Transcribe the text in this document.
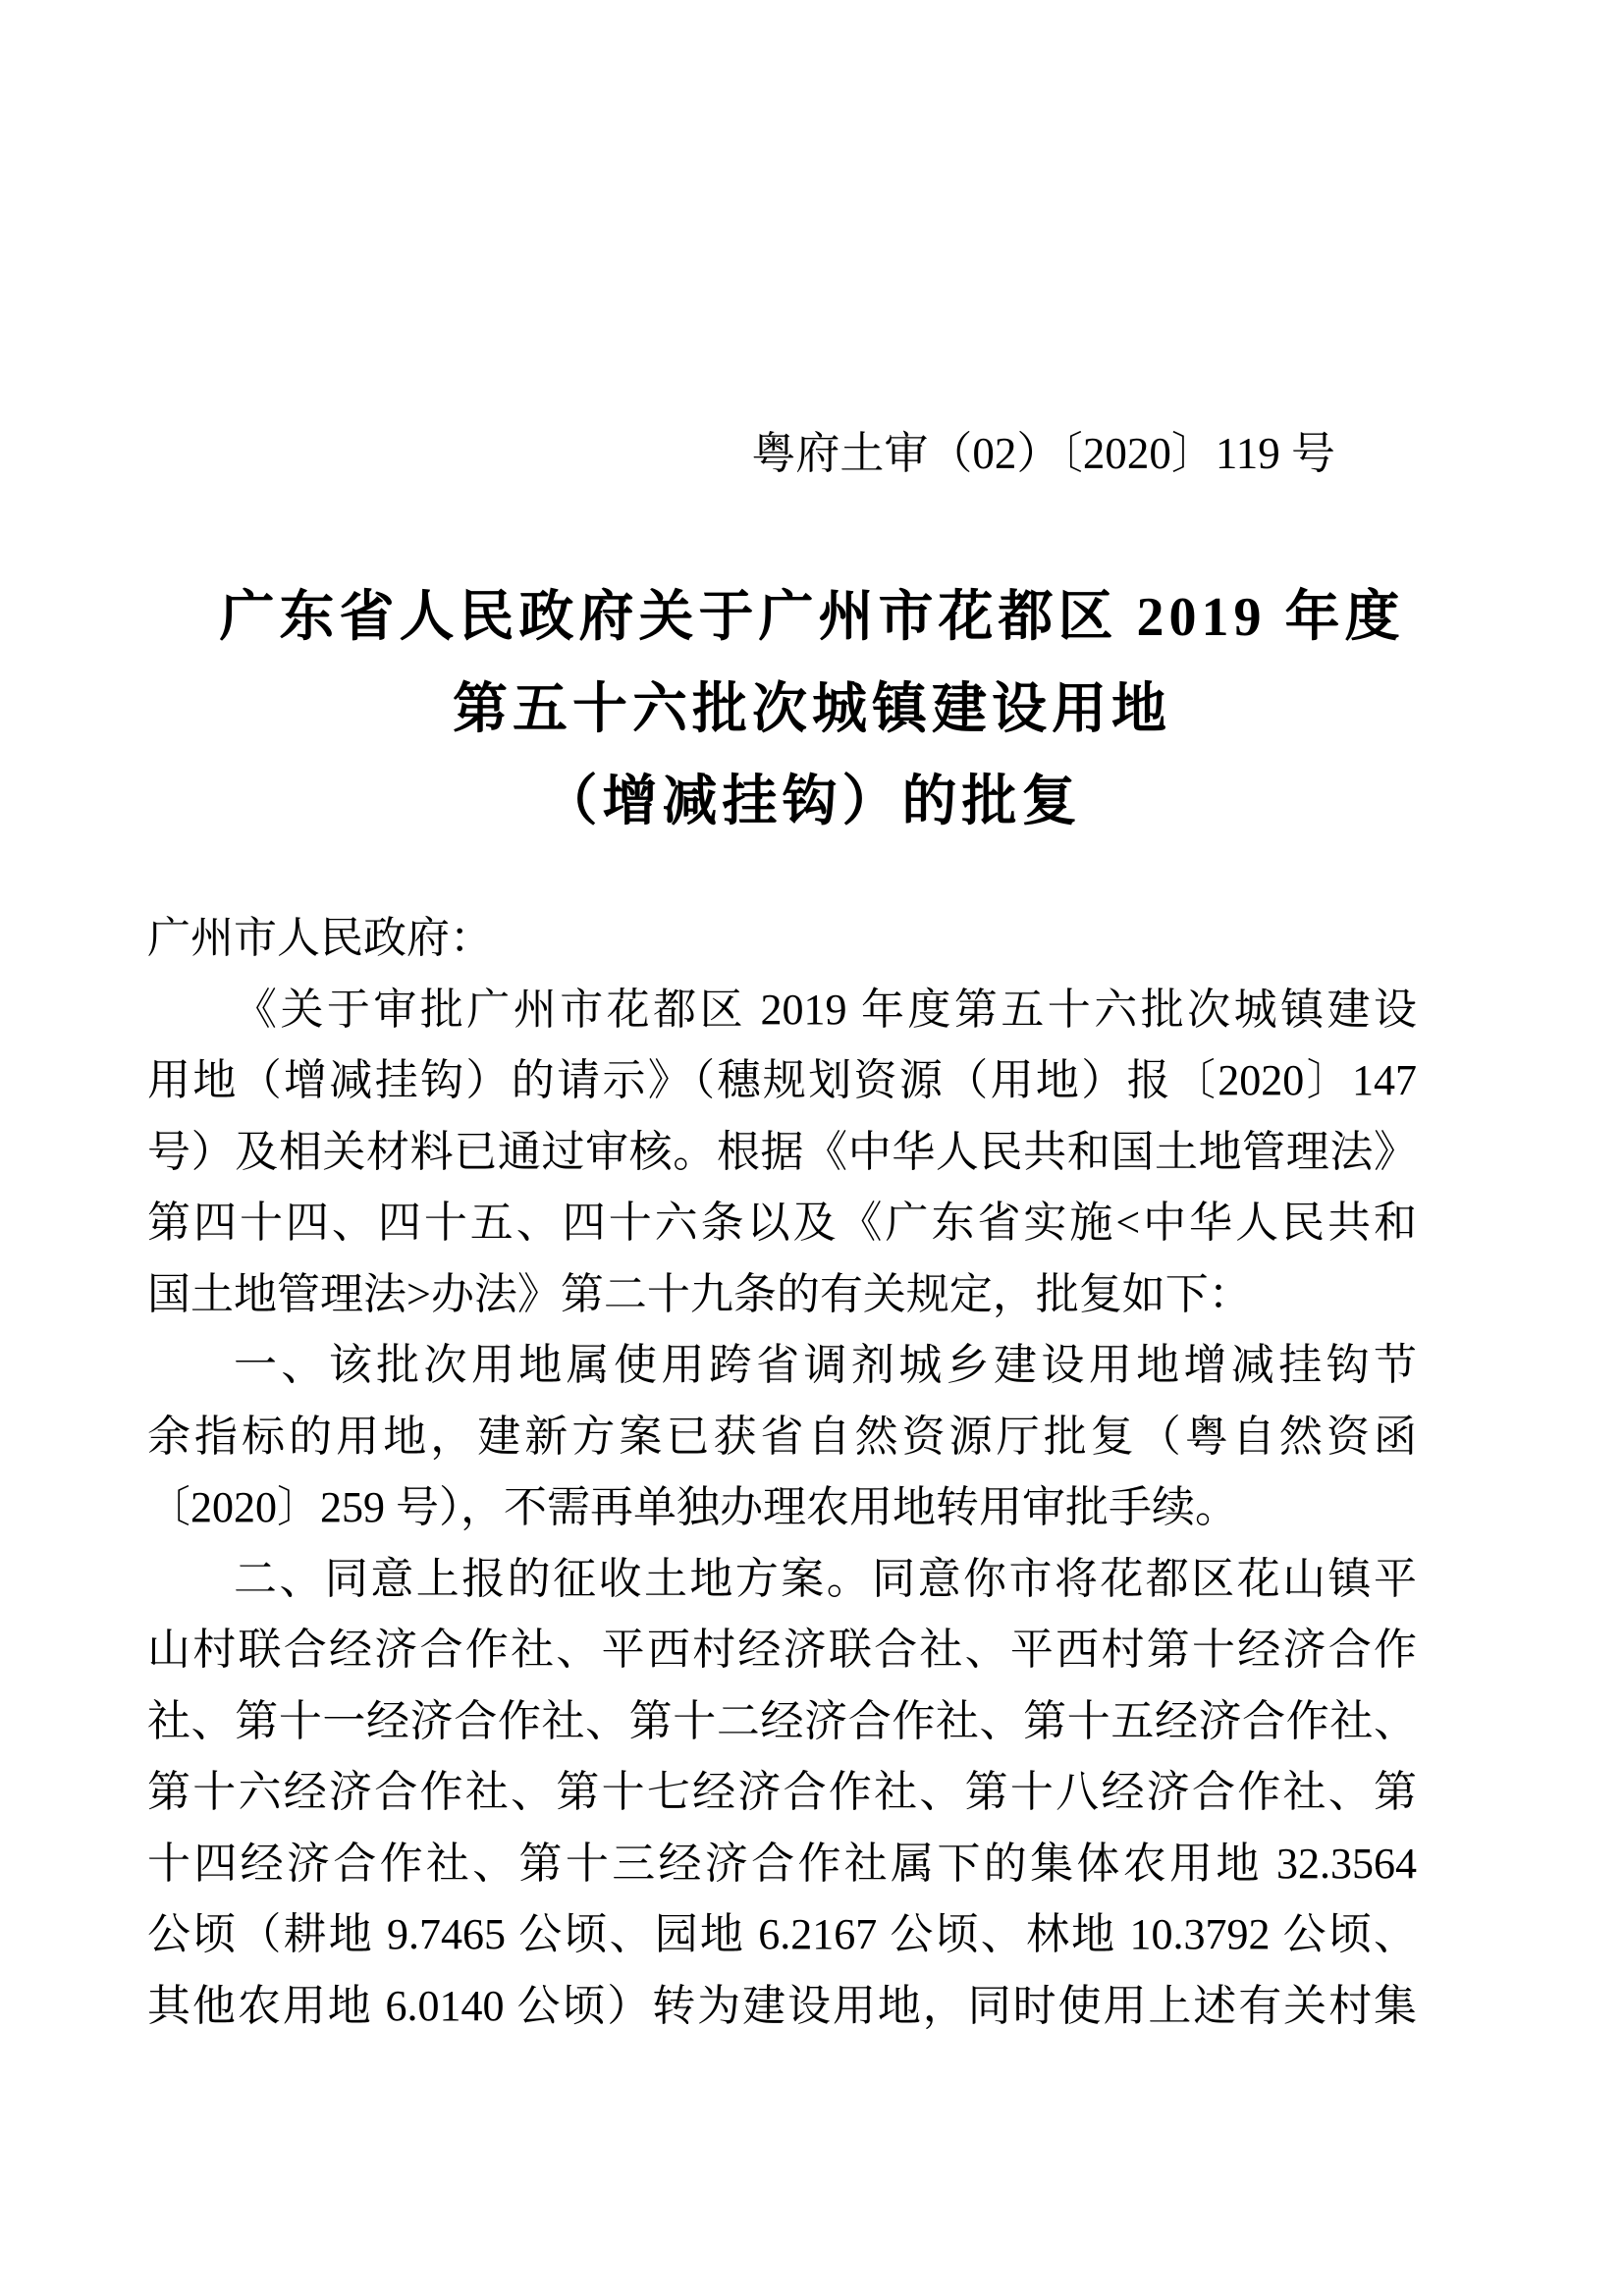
粤府土审（02）〔2020〕119 号
广东省人民政府关于广州市花都区 2019 年度
第五十六批次城镇建设用地
（增减挂钩）的批复
广州市人民政府：
《关于审批广州市花都区 2019 年度第五十六批次城镇建设
用地（增减挂钩）的请示》（穗规划资源（用地）报〔2020〕147
号）及相关材料已通过审核。根据《中华人民共和国土地管理法》
第四十四、四十五、四十六条以及《广东省实施<中华人民共和
国土地管理法>办法》第二十九条的有关规定，批复如下：
一、该批次用地属使用跨省调剂城乡建设用地增减挂钩节
余指标的用地，建新方案已获省自然资源厅批复（粤自然资函
〔2020〕259 号），不需再单独办理农用地转用审批手续。
二、同意上报的征收土地方案。同意你市将花都区花山镇平
山村联合经济合作社、平西村经济联合社、平西村第十经济合作
社、第十一经济合作社、第十二经济合作社、第十五经济合作社、
第十六经济合作社、第十七经济合作社、第十八经济合作社、第
十四经济合作社、第十三经济合作社属下的集体农用地 32.3564
公顷（耕地 9.7465 公顷、园地 6.2167 公顷、林地 10.3792 公顷、
其他农用地 6.0140 公顷）转为建设用地，同时使用上述有关村集
